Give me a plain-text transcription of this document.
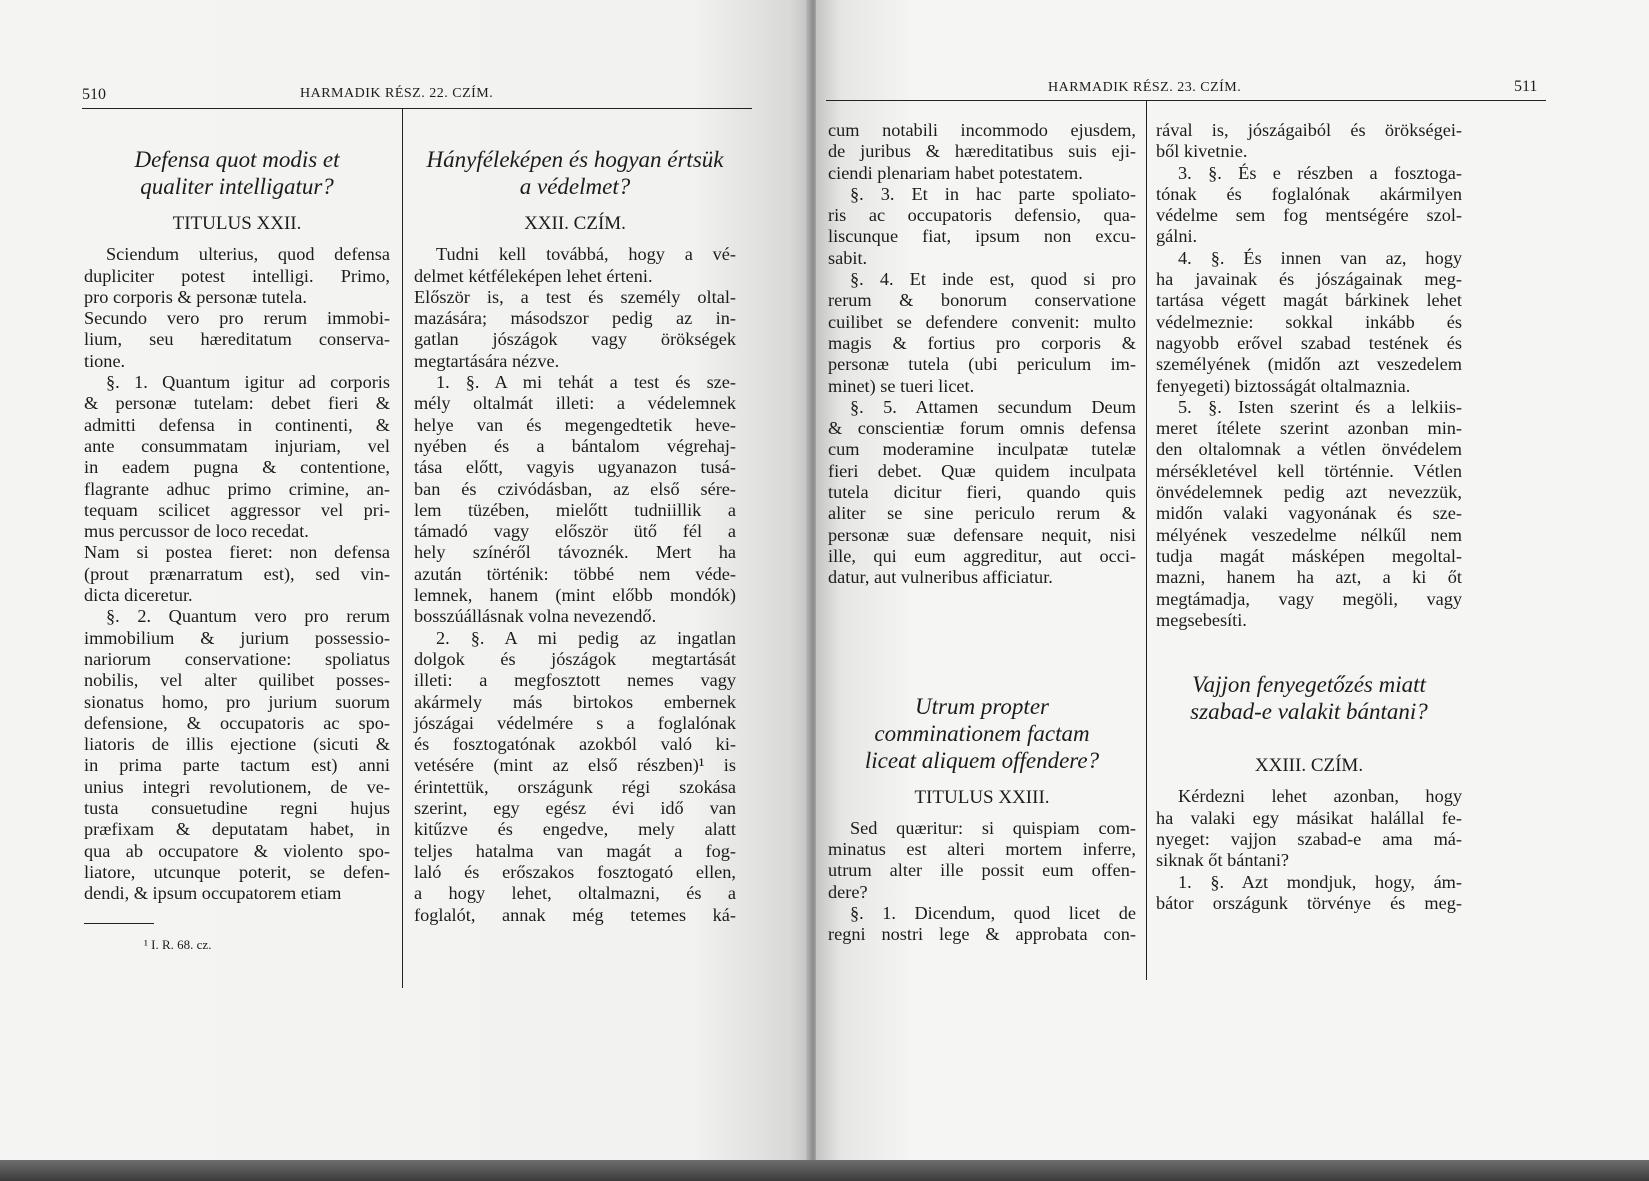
510	HARMADIK RÉSZ. 22. CZÍM.

Defensa quot modis et qualiter intelligatur?

TITULUS XXII.

Sciendum ulterius, quod defensa
dupliciter potest intelligi. Primo,
pro corporis & personæ tutela.
Secundo vero pro rerum immobi-
lium, seu hæreditatum conserva-
tione.
§. 1. Quantum igitur ad corporis
& personæ tutelam: debet fieri &
admitti defensa in continenti, &
ante consummatam injuriam, vel
in eadem pugna & contentione,
flagrante adhuc primo crimine, an-
tequam scilicet aggressor vel pri-
mus percussor de loco recedat.
Nam si postea fieret: non defensa
(prout prænarratum est), sed vin-
dicta diceretur.
§. 2. Quantum vero pro rerum
immobilium & jurium possessio-
nariorum conservatione: spoliatus
nobilis, vel alter quilibet posses-
sionatus homo, pro jurium suorum
defensione, & occupatoris ac spo-
liatoris de illis ejectione (sicuti &
in prima parte tactum est) anni
unius integri revolutionem, de ve-
tusta consuetudine regni hujus
præfixam & deputatam habet, in
qua ab occupatore & violento spo-
liatore, utcunque poterit, se defen-
dendi, & ipsum occupatorem etiam

¹ I. R. 68. cz.

Hányféleképen és hogyan értsük a védelmet?

XXII. CZÍM.

Tudni kell továbbá, hogy a vé-
delmet kétféleképen lehet érteni.
Először is, a test és személy oltal-
mazására; másodszor pedig az in-
gatlan jószágok vagy örökségek
megtartására nézve.
1. §. A mi tehát a test és sze-
mély oltalmát illeti: a védelemnek
helye van és megengedtetik heve-
nyében és a bántalom végrehaj-
tása előtt, vagyis ugyanazon tusá-
ban és czivódásban, az első sére-
lem tüzében, mielőtt tudniillik a
támadó vagy először ütő fél a
hely színéről távoznék. Mert ha
azután történik: többé nem véde-
lemnek, hanem (mint előbb mondók)
bosszúállásnak volna nevezendő.
2. §. A mi pedig az ingatlan
dolgok és jószágok megtartását
illeti: a megfosztott nemes vagy
akármely más birtokos embernek
jószágai védelmére s a foglalónak
és fosztogatónak azokból való ki-
vetésére (mint az első részben)¹ is
érintettük, országunk régi szokása
szerint, egy egész évi idő van
kitűzve és engedve, mely alatt
teljes hatalma van magát a fog-
laló és erőszakos fosztogató ellen,
a hogy lehet, oltalmazni, és a
foglalót, annak még tetemes ká-
HARMADIK RÉSZ. 23. CZÍM.	511
cum notabili incommodo ejusdem,
de juribus & hæreditatibus suis eji-
ciendi plenariam habet potestatem.
§. 3. Et in hac parte spoliato-
ris ac occupatoris defensio, qua-
liscunque fiat, ipsum non excu-
sabit.
§. 4. Et inde est, quod si pro
rerum & bonorum conservatione
cuilibet se defendere convenit: multo
magis & fortius pro corporis &
personæ tutela (ubi periculum im-
minet) se tueri licet.
§. 5. Attamen secundum Deum
& conscientiæ forum omnis defensa
cum moderamine inculpatæ tutelæ
fieri debet. Quæ quidem inculpata
tutela dicitur fieri, quando quis
aliter se sine periculo rerum &
personæ suæ defensare nequit, nisi
ille, qui eum aggreditur, aut occi-
datur, aut vulneribus afficiatur.

Utrum propter comminationem factam liceat aliquem offendere?

TITULUS XXIII.

Sed quæritur: si quispiam com-
minatus est alteri mortem inferre,
utrum alter ille possit eum offen-
dere?
§. 1. Dicendum, quod licet de
regni nostri lege & approbata con-
rával is, jószágaiból és örökségei-
ből kivetnie.
3. §. És e részben a fosztoga-
tónak és foglalónak akármilyen
védelme sem fog mentségére szol-
gálni.
4. §. És innen van az, hogy
ha javainak és jószágainak meg-
tartása végett magát bárkinek lehet
védelmeznie: sokkal inkább és
nagyobb erővel szabad testének és
személyének (midőn azt veszedelem
fenyegeti) biztosságát oltalmaznia.
5. §. Isten szerint és a lelkiis-
meret ítélete szerint azonban min-
den oltalomnak a vétlen önvédelem
mérsékletével kell történnie. Vétlen
önvédelemnek pedig azt nevezzük,
midőn valaki vagyonának és sze-
mélyének veszedelme nélkűl nem
tudja magát másképen megoltal-
mazni, hanem ha azt, a ki őt
megtámadja, vagy megöli, vagy
megsebesíti.

Vajjon fenyegetőzés miatt szabad-e valakit bántani?

XXIII. CZÍM.

Kérdezni lehet azonban, hogy
ha valaki egy másikat halállal fe-
nyeget: vajjon szabad-e ama má-
siknak őt bántani?
1. §. Azt mondjuk, hogy, ám-
bátor országunk törvénye és meg-
